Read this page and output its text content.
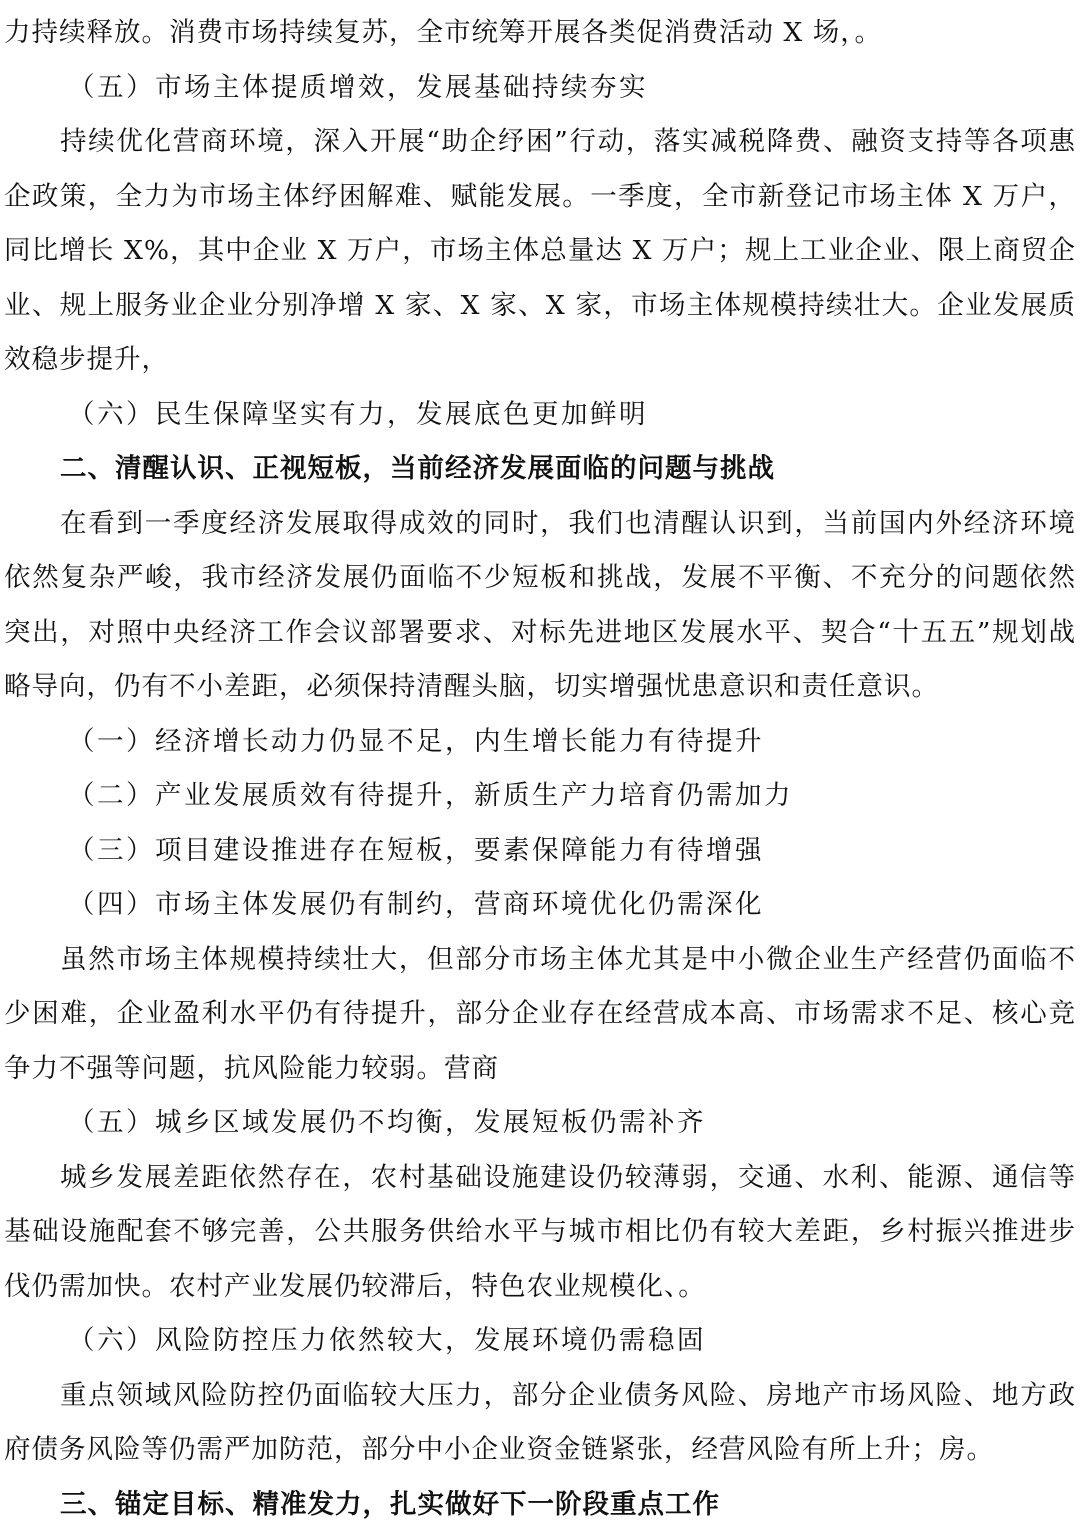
力持续释放。消费市场持续复苏，全市统筹开展各类促消费活动 X 场，。

（五）市场主体提质增效，发展基础持续夯实

持续优化营商环境，深入开展“助企纾困”行动，落实减税降费、融资支持等各项惠企政策，全力为市场主体纾困解难、赋能发展。一季度，全市新登记市场主体 X 万户，同比增长 X%，其中企业 X 万户，市场主体总量达 X 万户；规上工业企业、限上商贸企业、规上服务业企业分别净增 X 家、X 家、X 家，市场主体规模持续壮大。企业发展质效稳步提升，

（六）民生保障坚实有力，发展底色更加鲜明

二、清醒认识、正视短板，当前经济发展面临的问题与挑战

在看到一季度经济发展取得成效的同时，我们也清醒认识到，当前国内外经济环境依然复杂严峻，我市经济发展仍面临不少短板和挑战，发展不平衡、不充分的问题依然突出，对照中央经济工作会议部署要求、对标先进地区发展水平、契合“十五五”规划战略导向，仍有不小差距，必须保持清醒头脑，切实增强忧患意识和责任意识。

（一）经济增长动力仍显不足，内生增长能力有待提升

（二）产业发展质效有待提升，新质生产力培育仍需加力

（三）项目建设推进存在短板，要素保障能力有待增强

（四）市场主体发展仍有制约，营商环境优化仍需深化

虽然市场主体规模持续壮大，但部分市场主体尤其是中小微企业生产经营仍面临不少困难，企业盈利水平仍有待提升，部分企业存在经营成本高、市场需求不足、核心竞争力不强等问题，抗风险能力较弱。营商

（五）城乡区域发展仍不均衡，发展短板仍需补齐

城乡发展差距依然存在，农村基础设施建设仍较薄弱，交通、水利、能源、通信等基础设施配套不够完善，公共服务供给水平与城市相比仍有较大差距，乡村振兴推进步伐仍需加快。农村产业发展仍较滞后，特色农业规模化、。

（六）风险防控压力依然较大，发展环境仍需稳固

重点领域风险防控仍面临较大压力，部分企业债务风险、房地产市场风险、地方政府债务风险等仍需严加防范，部分中小企业资金链紧张，经营风险有所上升；房。

三、锚定目标、精准发力，扎实做好下一阶段重点工作
